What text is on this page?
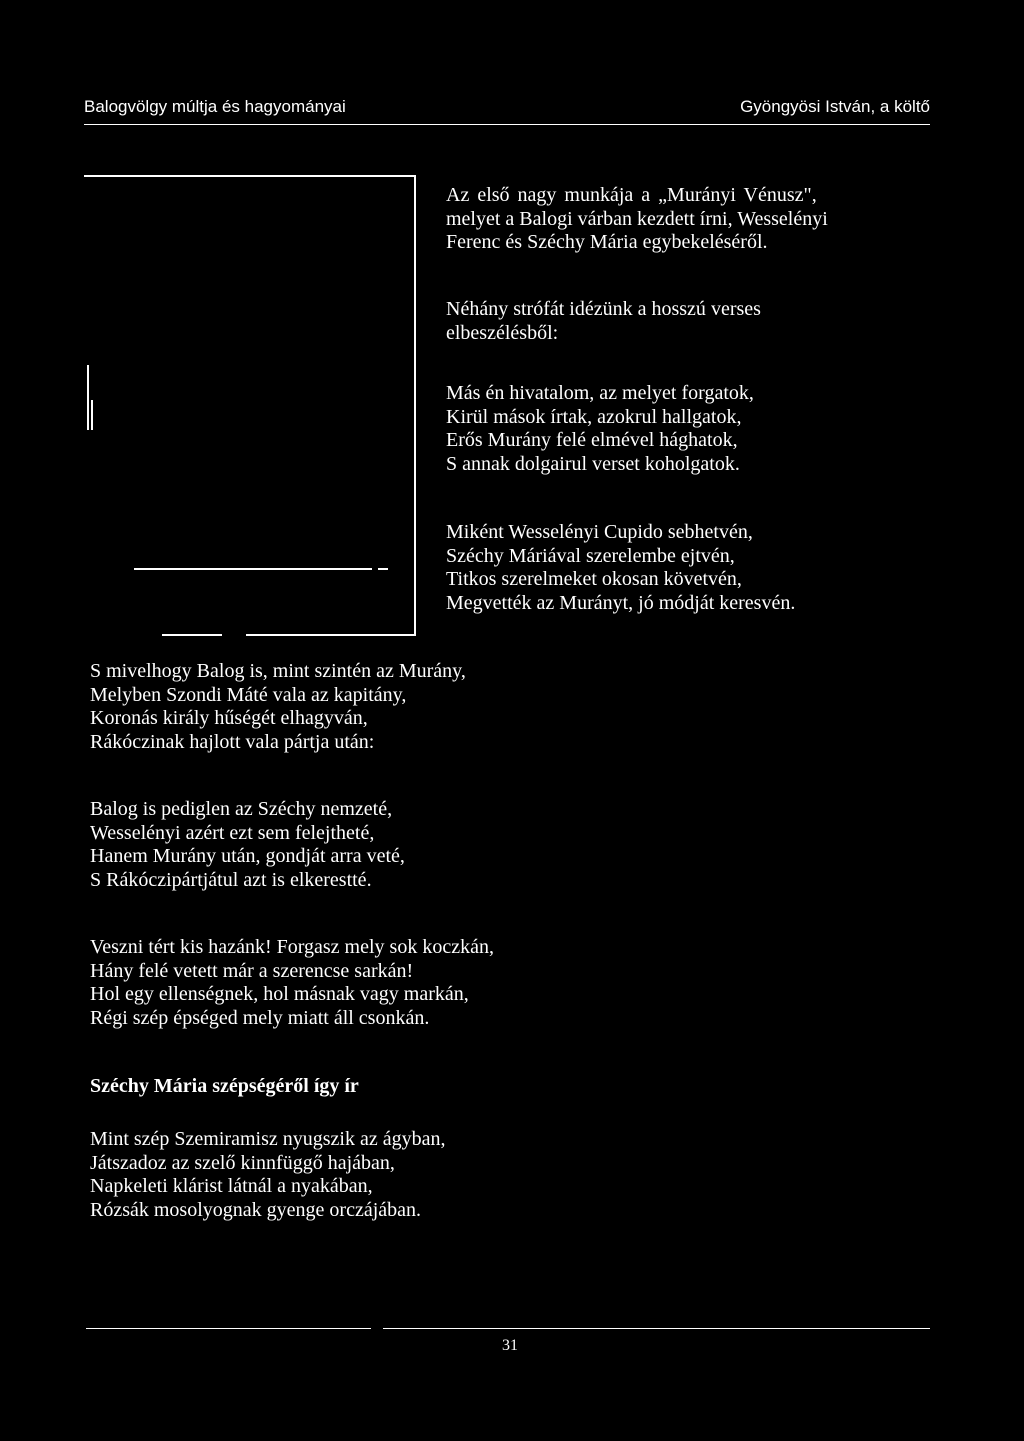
Balogvölgy múltja és hagyományai	Gyöngyösi István, a költő
Az első nagy munkája a „Murányi Vénusz",
melyet a Balogi várban kezdett írni, Wesselényi
Ferenc és Széchy Mária egybekeléséről.
Néhány strófát idézünk a hosszú verses
elbeszélésből:
Más én hivatalom, az melyet forgatok,
Kirül mások írtak, azokrul hallgatok,
Erős Murány felé elmével hághatok,
S annak dolgairul verset koholgatok.
Miként Wesselényi Cupido sebhetvén,
Széchy Máriával szerelembe ejtvén,
Titkos szerelmeket okosan követvén,
Megvették az Murányt, jó módját keresvén.
S mivelhogy Balog is, mint szintén az Murány,
Melyben Szondi Máté vala az kapitány,
Koronás király hűségét elhagyván,
Rákóczinak hajlott vala pártja után:
Balog is pediglen az Széchy nemzeté,
Wesselényi azért ezt sem felejtheté,
Hanem Murány után, gondját arra veté,
S Rákóczipártjátul azt is elkerestté.
Veszni tért kis hazánk! Forgasz mely sok koczkán,
Hány felé vetett már a szerencse sarkán!
Hol egy ellenségnek, hol másnak vagy markán,
Régi szép épséged mely miatt áll csonkán.
Széchy Mária szépségéről így ír
Mint szép Szemiramisz nyugszik az ágyban,
Játszadoz az szelő kinnfüggő hajában,
Napkeleti klárist látnál a nyakában,
Rózsák mosolyognak gyenge orczájában.
31
